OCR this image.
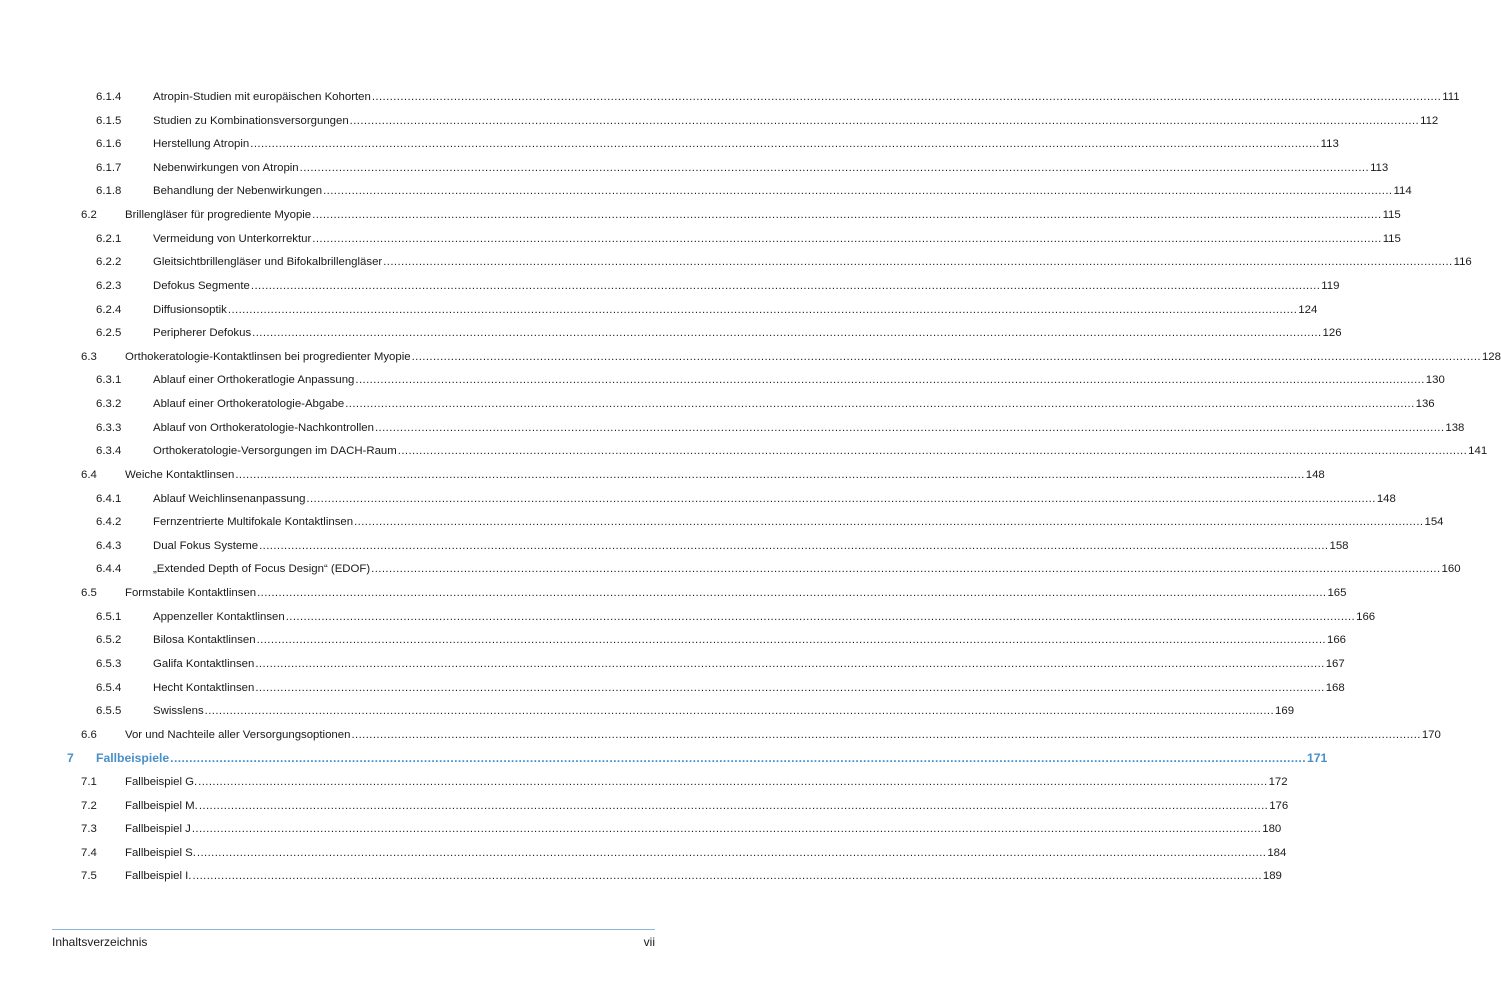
6.1.4	Atropin-Studien mit europäischen Kohorten ............................................................................................................................................................................................................................................................................................................ 111
6.1.5	Studien zu Kombinationsversorgungen ............................................................................................................................................................................................................................................................................................................ 112
6.1.6	Herstellung Atropin ............................................................................................................................................................................................................................................................................................................ 113
6.1.7	Nebenwirkungen von Atropin ............................................................................................................................................................................................................................................................................................................ 113
6.1.8	Behandlung der Nebenwirkungen ............................................................................................................................................................................................................................................................................................................ 114
6.2 Brillengläser für progrediente Myopie ............................................................................................................................................................................................................................................................................................................ 115
6.2.1	Vermeidung von Unterkorrektur ............................................................................................................................................................................................................................................................................................................ 115
6.2.2	Gleitsichtbrillengläser und Bifokalbrillengläser ............................................................................................................................................................................................................................................................................................................ 116
6.2.3	Defokus Segmente ............................................................................................................................................................................................................................................................................................................ 119
6.2.4	Diffusionsoptik ............................................................................................................................................................................................................................................................................................................ 124
6.2.5	Peripherer Defokus ............................................................................................................................................................................................................................................................................................................ 126
6.3 Orthokeratologie-Kontaktlinsen bei progredienter Myopie ............................................................................................................................................................................................................................................................................................................ 128
6.3.1	Ablauf einer Orthokeratlogie Anpassung ............................................................................................................................................................................................................................................................................................................ 130
6.3.2	Ablauf einer Orthokeratologie-Abgabe ............................................................................................................................................................................................................................................................................................................ 136
6.3.3	Ablauf von Orthokeratologie-Nachkontrollen ............................................................................................................................................................................................................................................................................................................ 138
6.3.4	Orthokeratologie-Versorgungen im DACH-Raum ............................................................................................................................................................................................................................................................................................................ 141
6.4 Weiche Kontaktlinsen ............................................................................................................................................................................................................................................................................................................ 148
6.4.1	Ablauf Weichlinsenanpassung ............................................................................................................................................................................................................................................................................................................ 148
6.4.2	Fernzentrierte Multifokale Kontaktlinsen ............................................................................................................................................................................................................................................................................................................ 154
6.4.3	Dual Fokus Systeme ............................................................................................................................................................................................................................................................................................................ 158
6.4.4	„Extended Depth of Focus Design“ (EDOF) ............................................................................................................................................................................................................................................................................................................ 160
6.5 Formstabile Kontaktlinsen ............................................................................................................................................................................................................................................................................................................ 165
6.5.1	Appenzeller Kontaktlinsen ............................................................................................................................................................................................................................................................................................................ 166
6.5.2	Bilosa Kontaktlinsen ............................................................................................................................................................................................................................................................................................................ 166
6.5.3	Galifa Kontaktlinsen ............................................................................................................................................................................................................................................................................................................ 167
6.5.4	Hecht Kontaktlinsen ............................................................................................................................................................................................................................................................................................................ 168
6.5.5	Swisslens ............................................................................................................................................................................................................................................................................................................ 169
6.6 Vor und Nachteile aller Versorgungsoptionen ............................................................................................................................................................................................................................................................................................................ 170
7 Fallbeispiele ............................................................................................................................................................................................................................................................................................................ 171
7.1 Fallbeispiel G. ............................................................................................................................................................................................................................................................................................................ 172
7.2 Fallbeispiel M. ............................................................................................................................................................................................................................................................................................................ 176
7.3 Fallbeispiel J ............................................................................................................................................................................................................................................................................................................ 180
7.4 Fallbeispiel S. ............................................................................................................................................................................................................................................................................................................ 184
7.5 Fallbeispiel I. ............................................................................................................................................................................................................................................................................................................ 189
Inhaltsverzeichnis	vii
